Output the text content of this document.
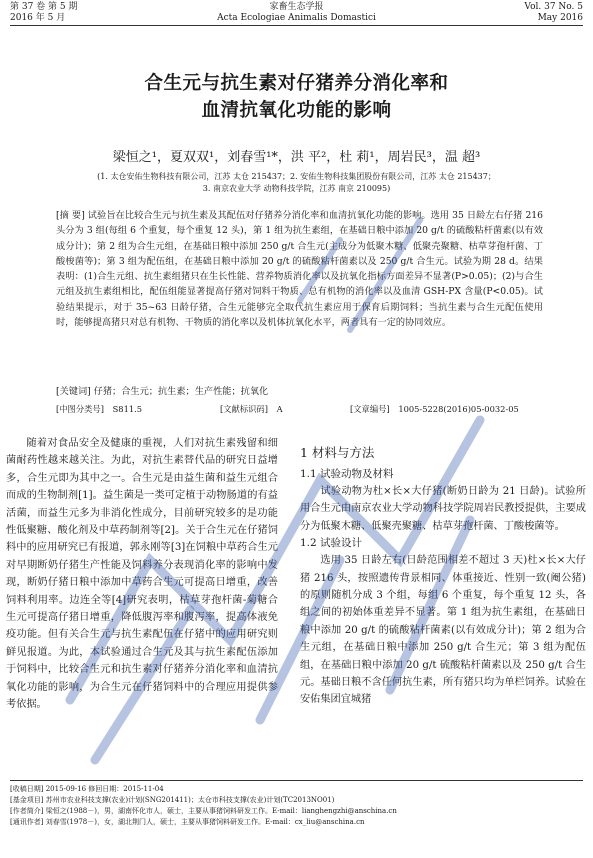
第 37 卷 第 5 期
2016 年 5 月
家畜生态学报
Acta Ecologiae Animalis Domastici
Vol. 37 No. 5
May 2016
合生元与抗生素对仔猪养分消化率和
血清抗氧化功能的影响
梁恒之¹，夏双双¹，刘春雪¹*，洪 平²，杜 莉¹，周岩民³，温 超³
(1. 太仓安佑生物科技有限公司，江苏 太仓 215437；2. 安佑生物科技集团股份有限公司，江苏 太仓 215437；
3. 南京农业大学 动物科技学院，江苏 南京 210095)
[摘 要] 试验旨在比较合生元与抗生素及其配伍对仔猪养分消化率和血清抗氧化功能的影响。选用 35 日龄左右仔猪 216 头分为 3 组(每组 6 个重复，每个重复 12 头)，第 1 组为抗生素组，在基础日粮中添加 20 g/t 的硫酸粘杆菌素(以有效成分计)；第 2 组为合生元组，在基础日粮中添加 250 g/t 合生元(主成分为低聚木糖、低聚壳聚糖、枯草芽孢杆菌、丁酸梭菌等)；第 3 组为配伍组，在基础日粮中添加 20 g/t 的硫酸粘杆菌素以及 250 g/t 合生元。试验为期 28 d。结果表明：(1)合生元组、抗生素组猪只在生长性能、营养物质消化率以及抗氧化指标方面差异不显著(P>0.05)；(2)与合生元组及抗生素组相比，配伍组能显著提高仔猪对饲料干物质、总有机物的消化率以及血清 GSH-PX 含量(P<0.05)。试验结果提示，对于 35~63 日龄仔猪，合生元能够完全取代抗生素应用于保育后期饲料；当抗生素与合生元配伍使用时，能够提高猪只对总有机物、干物质的消化率以及机体抗氧化水平，两者具有一定的协同效应。
[关键词] 仔猪；合生元；抗生素；生产性能；抗氧化
[中图分类号] S811.5	[文献标识码] A	[文章编号] 1005-5228(2016)05-0032-05

随着对食品安全及健康的重视，人们对抗生素残留和细菌耐药性越来越关注。为此，对抗生素替代品的研究日益增多，合生元即为其中之一。合生元是由益生菌和益生元组合而成的生物制剂[1]。益生菌是一类可定植于动物肠道的有益活菌，而益生元多为非消化性成分，目前研究较多的是功能性低聚糖、酸化剂及中草药制剂等[2]。关于合生元在仔猪饲料中的应用研究已有报道，郭永刚等[3]在饲粮中草药合生元对早期断奶仔猪生产性能及饲料养分表现消化率的影响中发现，断奶仔猪日粮中添加中草药合生元可提高日增重，改善饲料利用率。边连全等[4]研究表明，枯草芽孢杆菌-菊糖合生元可提高仔猪日增重，降低腹泻率和腹泻率，提高体液免疫功能。但有关合生元与抗生素配伍在仔猪中的应用研究则鲜见报道。为此，本试验通过合生元及其与抗生素配伍添加于饲料中，比较合生元和抗生素对仔猪养分消化率和血清抗氧化功能的影响，为合生元在仔猪饲料中的合理应用提供参考依据。

1 材料与方法
1.1 试验动物及材料

试验动物为杜×长×大仔猪(断奶日龄为 21 日龄)。试验所用合生元由南京农业大学动物科技学院周岩民教授提供，主要成分为低聚木糖、低聚壳聚糖、枯草芽孢杆菌、丁酸梭菌等。

1.2 试验设计

选用 35 日龄左右(日龄范围相差不超过 3 天)杜×长×大仔猪 216 头，按照遗传背景相同、体重接近、性别一致(阉公猪)的原则随机分成 3 个组，每组 6 个重复，每个重复 12 头，各组之间的初始体重差异不显著。第 1 组为抗生素组，在基础日粮中添加 20 g/t 的硫酸粘杆菌素(以有效成分计)；第 2 组为合生元组，在基础日粮中添加 250 g/t 合生元；第 3 组为配伍组，在基础日粮中添加 20 g/t 硫酸粘杆菌素以及 250 g/t 合生元。基础日粮不含任何抗生素，所有猪只均为单栏饲养。试验在安佑集团宜城猪

[收稿日期] 2015-09-16 修回日期：2015-11-04
[基金项目] 苏州市农业科技支撑(农业)计划(SNG201411)；太仓市科技支撑(农业)计划(TC2013NO01)
[作者简介] 梁恒之(1988－)，男，湖南怀化市人，硕士，主要从事猪饲料研发工作。E-mail：lianghengzhi@anschina.cn
[通讯作者] 刘春雪(1978－)，女，湖北荆门人，硕士，主要从事猪饲料研发工作。E-mail：cx_liu@anschina.cn
